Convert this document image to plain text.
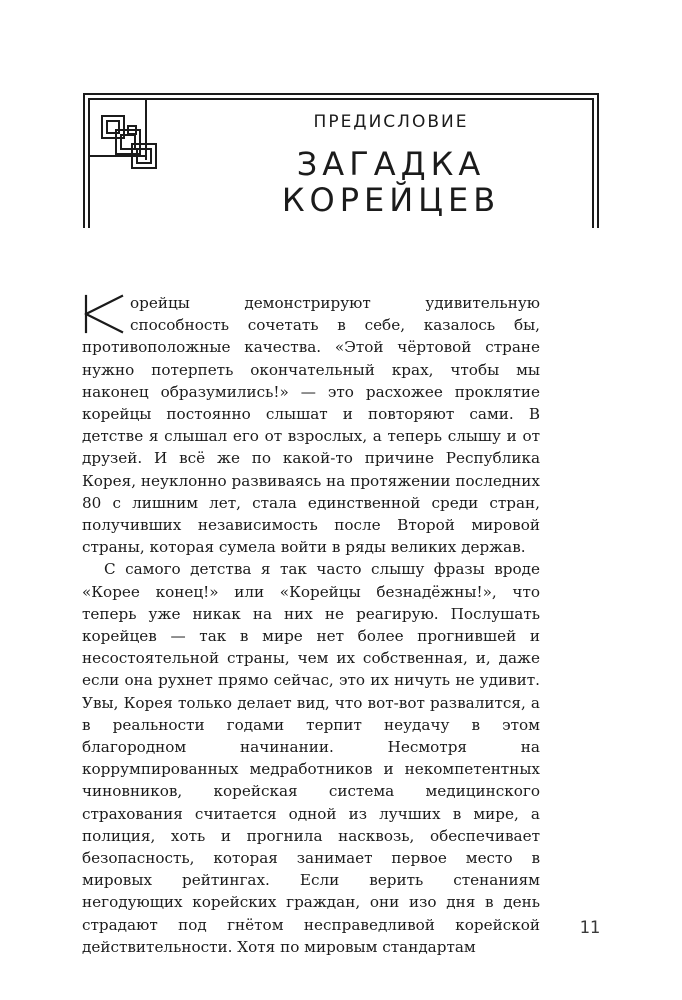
ПРЕДИСЛОВИЕ
ЗАГАДКА
КОРЕЙЦЕВ

орейцы демонстрируют удивительную способность сочетать в себе, казалось бы, противоположные качества. «Этой чёртовой стране нужно потерпеть окончательный крах, чтобы мы наконец образумились!» — это расхожее проклятие корейцы постоянно слышат и повторяют сами. В детстве я слышал его от взрослых, а теперь слышу и от друзей. И всё же по какой-то причине Республика Корея, неуклонно развиваясь на протяжении последних 80 с лишним лет, стала единственной среди стран, получивших независимость после Второй мировой страны, которая сумела войти в ряды великих держав.

С самого детства я так часто слышу фразы вроде «Корее конец!» или «Корейцы безнадёжны!», что теперь уже никак на них не реагирую. Послушать корейцев — так в мире нет более прогнившей и несостоятельной страны, чем их собственная, и, даже если она рухнет прямо сейчас, это их ничуть не удивит. Увы, Корея только делает вид, что вот-вот развалится, а в реальности годами терпит неудачу в этом благородном начинании. Несмотря на коррумпированных медработников и некомпетентных чиновников, корейская система медицинского страхования считается одной из лучших в мире, а полиция, хоть и прогнила насквозь, обеспечивает безопасность, которая занимает первое место в мировых рейтингах. Если верить стенаниям негодующих корейских граждан, они изо дня в день страдают под гнётом несправедливой корейской действительности. Хотя по мировым стандартам

11
